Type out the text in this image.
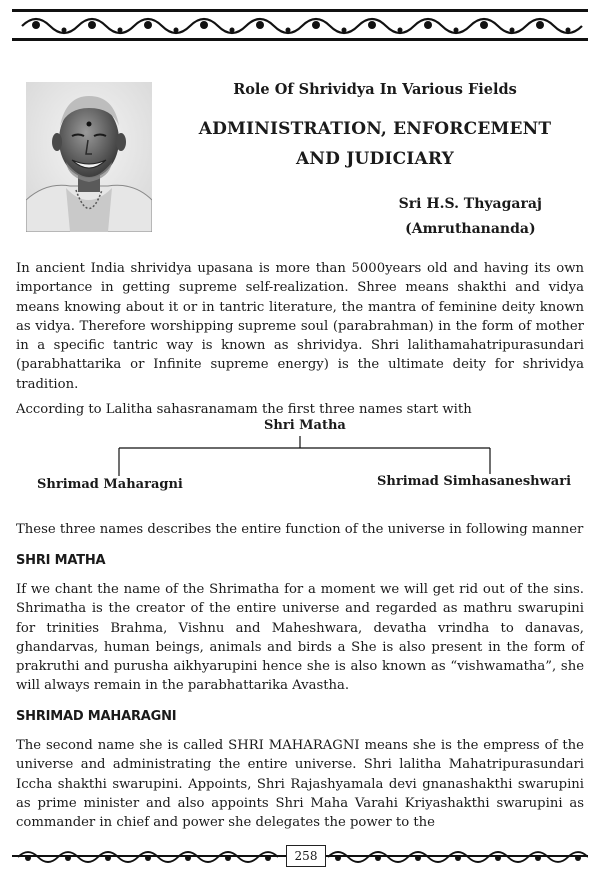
Role Of Shrividya In Various Fields
ADMINISTRATION, ENFORCEMENT
AND JUDICIARY
Sri H.S. Thyagaraj
(Amruthananda)

In ancient India shrividya upasana is more than 5000years old and having its own importance in getting supreme self-realization. Shree means shakthi and vidya means knowing about it or in tantric literature, the mantra of feminine deity known as vidya. Therefore worshipping supreme soul (parabrahman) in the form of mother in a specific tantric way is known as shrividya. Shri lalithamahatripurasundari (parabhattarika or Infinite supreme energy) is the ultimate deity for shrividya tradition.

According to Lalitha sahasranamam the first three names start with

Shri Matha
Shrimad Maharagni	Shrimad Simhasaneshwari

These three names describes the entire function of the universe in following manner

SHRI MATHA

If we chant the name of the Shrimatha for a moment we will get rid out of the sins. Shrimatha is the creator of the entire universe and regarded as mathru swarupini for trinities Brahma, Vishnu and Maheshwara, devatha vrindha to danavas, ghandarvas, human beings, animals and birds a She is also present in the form of prakruthi and purusha aikhyarupini hence she is also known as “vishwamatha”, she will always remain in the parabhattarika Avastha.

SHRIMAD MAHARAGNI

The second name she is called SHRI MAHARAGNI means she is the empress of the universe and administrating the entire universe. Shri lalitha Mahatripurasundari Iccha shakthi swarupini. Appoints, Shri Rajashyamala devi gnanashakthi swarupini as prime minister and also appoints Shri Maha Varahi Kriyashakthi swarupini as commander in chief and power she delegates the power to the

258
